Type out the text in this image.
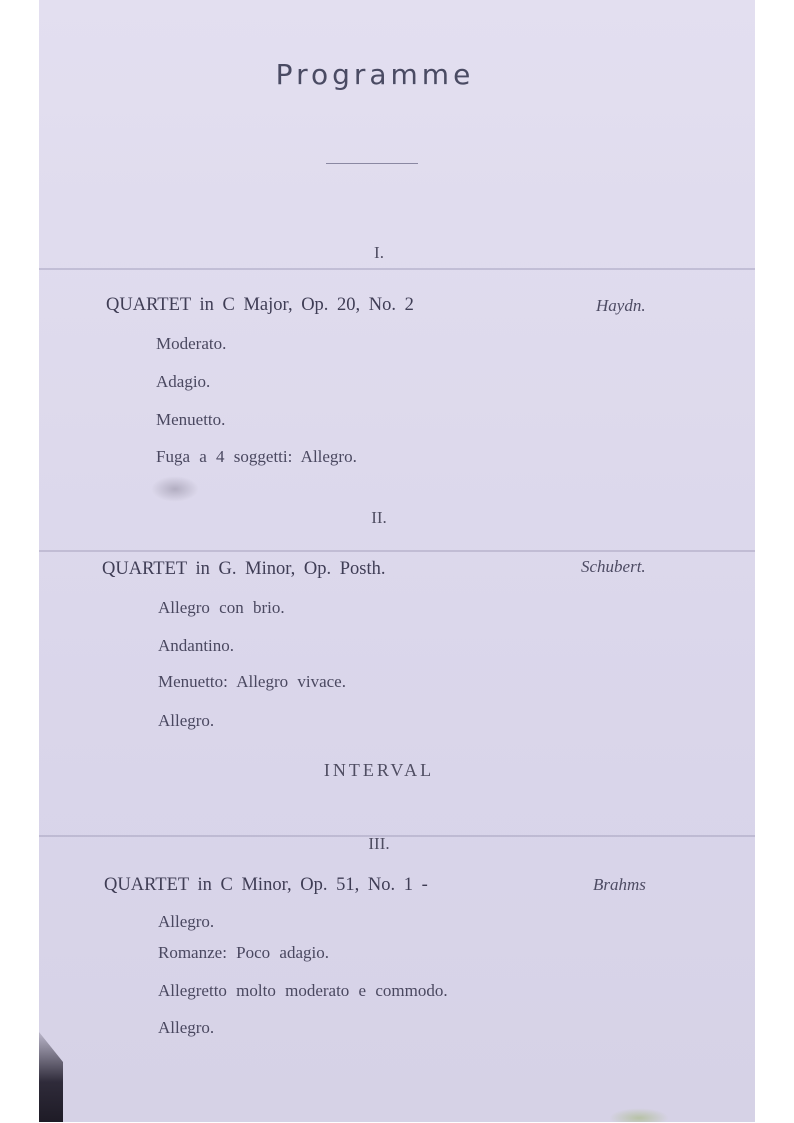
Programme
I.
QUARTET in C Major, Op. 20, No. 2	Haydn.
Moderato.
Adagio.
Menuetto.
Fuga a 4 soggetti: Allegro.
II.
QUARTET in G. Minor, Op. Posth.	Schubert.
Allegro con brio.
Andantino.
Menuetto: Allegro vivace.
Allegro.
INTERVAL
III.
QUARTET in C Minor, Op. 51, No. 1 -	Brahms
Allegro.
Romanze: Poco adagio.
Allegretto molto moderato e commodo.
Allegro.
